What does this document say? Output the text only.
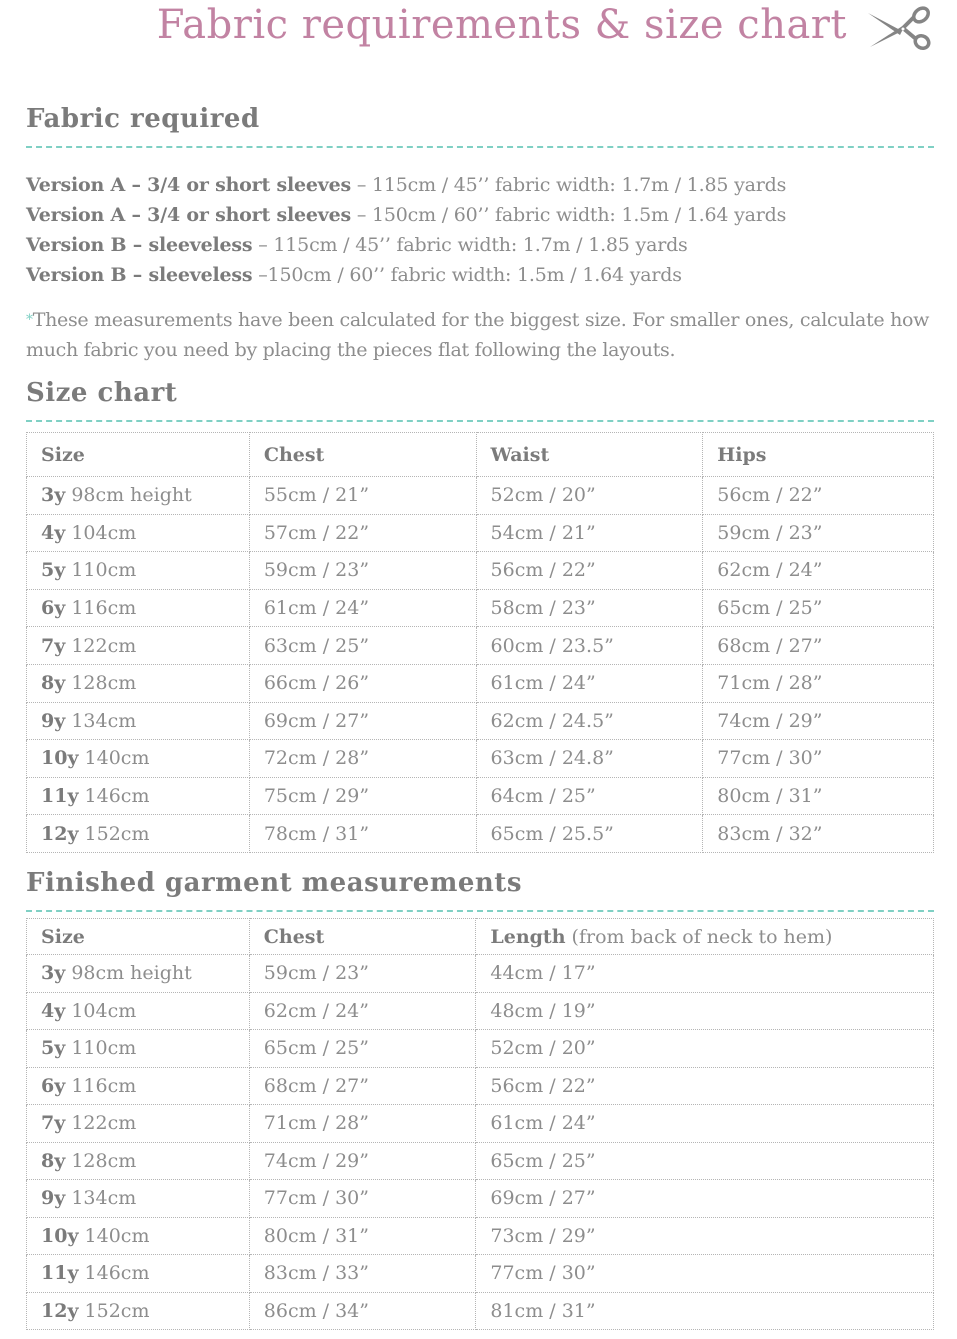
Fabric requirements & size chart
Fabric required
Version A – 3/4 or short sleeves – 115cm / 45’’ fabric width: 1.7m / 1.85 yards
Version A – 3/4 or short sleeves – 150cm / 60’’ fabric width: 1.5m / 1.64 yards
Version B – sleeveless – 115cm / 45’’ fabric width: 1.7m / 1.85 yards
Version B – sleeveless –150cm / 60’’ fabric width: 1.5m / 1.64 yards
*These measurements have been calculated for the biggest size. For smaller ones, calculate how much fabric you need by placing the pieces flat following the layouts.
Size chart
Size	Chest	Waist	Hips
3y 98cm height	55cm / 21”	52cm / 20”	56cm / 22”
4y 104cm	57cm / 22”	54cm / 21”	59cm / 23”
5y 110cm	59cm / 23”	56cm / 22”	62cm / 24”
6y 116cm	61cm / 24”	58cm / 23”	65cm / 25”
7y 122cm	63cm / 25”	60cm / 23.5”	68cm / 27”
8y 128cm	66cm / 26”	61cm / 24”	71cm / 28”
9y 134cm	69cm / 27”	62cm / 24.5”	74cm / 29”
10y 140cm	72cm / 28”	63cm / 24.8”	77cm / 30”
11y 146cm	75cm / 29”	64cm / 25”	80cm / 31”
12y 152cm	78cm / 31”	65cm / 25.5”	83cm / 32”
Finished garment measurements
Size	Chest	Length (from back of neck to hem)
3y 98cm height	59cm / 23”	44cm / 17”
4y 104cm	62cm / 24”	48cm / 19”
5y 110cm	65cm / 25”	52cm / 20”
6y 116cm	68cm / 27”	56cm / 22”
7y 122cm	71cm / 28”	61cm / 24”
8y 128cm	74cm / 29”	65cm / 25”
9y 134cm	77cm / 30”	69cm / 27”
10y 140cm	80cm / 31”	73cm / 29”
11y 146cm	83cm / 33”	77cm / 30”
12y 152cm	86cm / 34”	81cm / 31”
